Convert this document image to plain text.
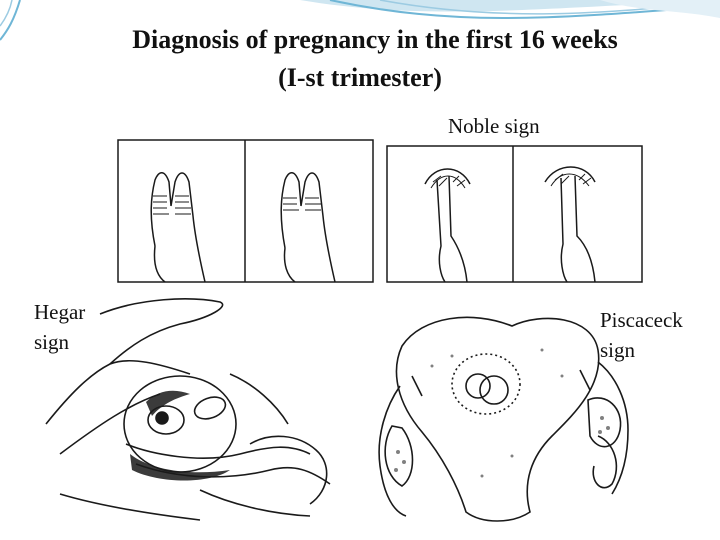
Diagnosis of pregnancy in the first 16 weeks
(I-st trimester)
Noble sign
Hegar
sign
Piscaceck
sign
